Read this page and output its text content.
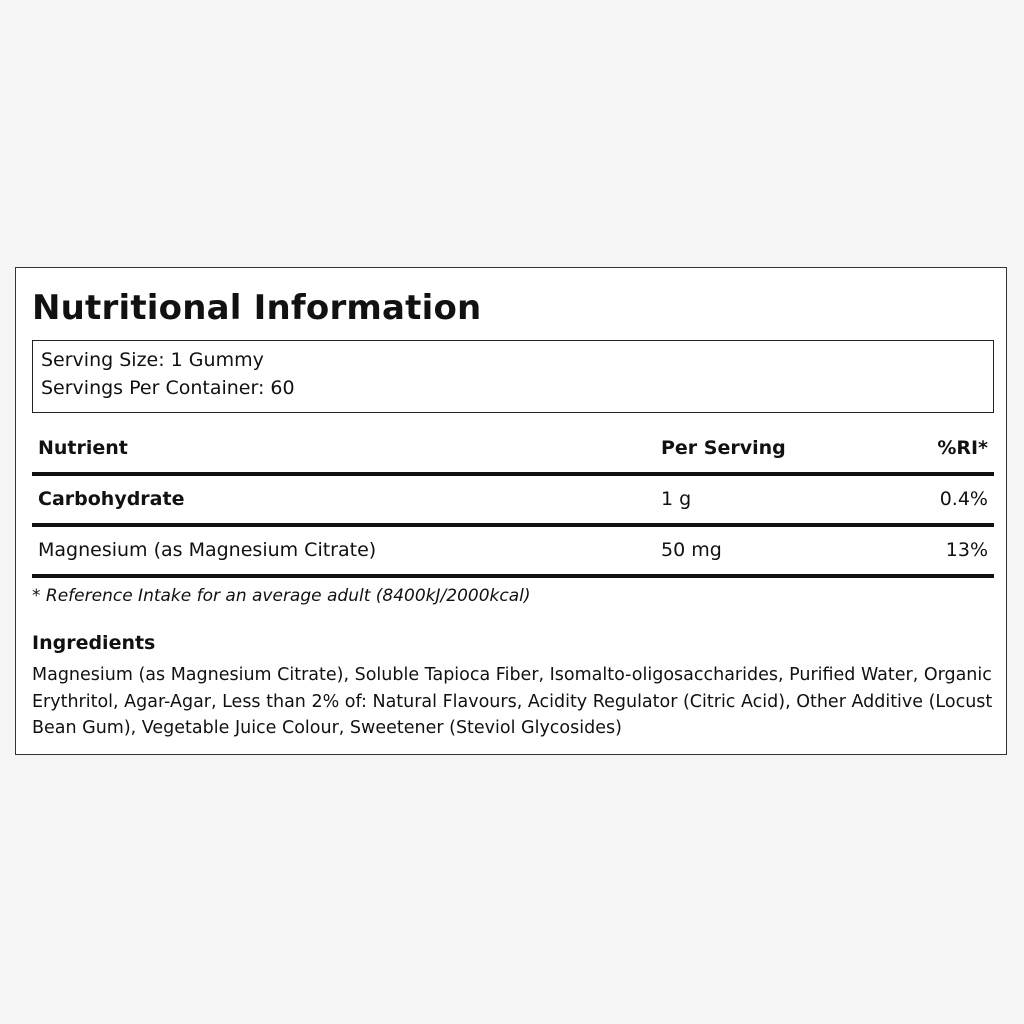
Nutritional Information
Serving Size: 1 Gummy
Servings Per Container: 60
Nutrient	Per Serving	%RI*
Carbohydrate	1 g	0.4%
Magnesium (as Magnesium Citrate)	50 mg	13%
* Reference Intake for an average adult (8400kJ/2000kcal)
Ingredients
Magnesium (as Magnesium Citrate), Soluble Tapioca Fiber, Isomalto-oligosaccharides, Purified Water, Organic Erythritol, Agar-Agar, Less than 2% of: Natural Flavours, Acidity Regulator (Citric Acid), Other Additive (Locust Bean Gum), Vegetable Juice Colour, Sweetener (Steviol Glycosides)
